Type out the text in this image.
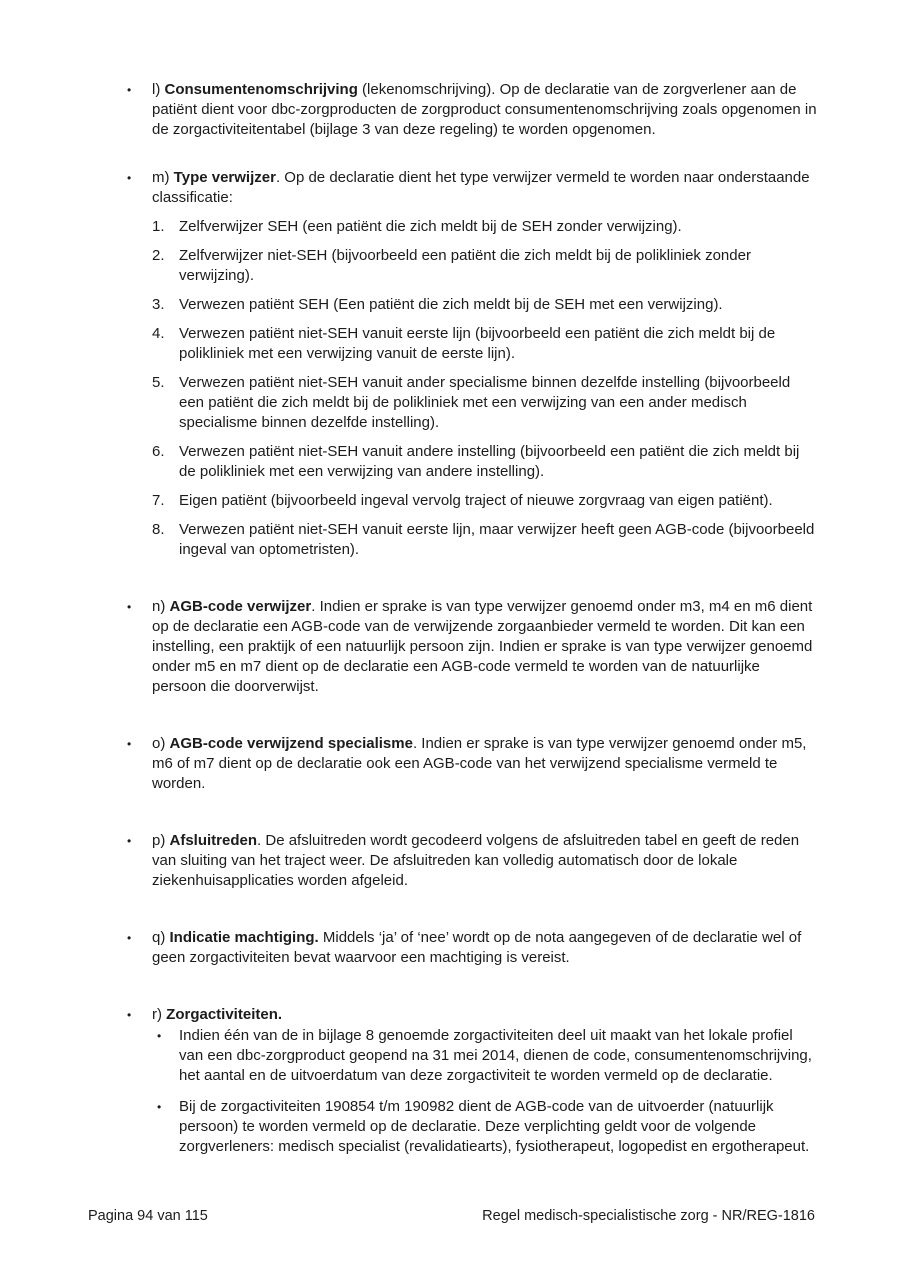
•	l) Consumentenomschrijving (lekenomschrijving). Op de declaratie van de zorgverlener aan de patiënt dient voor dbc-zorgproducten de zorgproduct consumentenomschrijving zoals opgenomen in de zorgactiviteitentabel (bijlage 3 van deze regeling) te worden opgenomen.

•	m) Type verwijzer. Op de declaratie dient het type verwijzer vermeld te worden naar onderstaande classificatie:

1. Zelfverwijzer SEH (een patiënt die zich meldt bij de SEH zonder verwijzing).
2. Zelfverwijzer niet-SEH (bijvoorbeeld een patiënt die zich meldt bij de polikliniek zonder verwijzing).
3. Verwezen patiënt SEH (Een patiënt die zich meldt bij de SEH met een verwijzing).
4. Verwezen patiënt niet-SEH vanuit eerste lijn (bijvoorbeeld een patiënt die zich meldt bij de polikliniek met een verwijzing vanuit de eerste lijn).
5. Verwezen patiënt niet-SEH vanuit ander specialisme binnen dezelfde instelling (bijvoorbeeld een patiënt die zich meldt bij de polikliniek met een verwijzing van een ander medisch specialisme binnen dezelfde instelling).
6. Verwezen patiënt niet-SEH vanuit andere instelling (bijvoorbeeld een patiënt die zich meldt bij de polikliniek met een verwijzing van andere instelling).
7. Eigen patiënt (bijvoorbeeld ingeval vervolg traject of nieuwe zorgvraag van eigen patiënt).
8. Verwezen patiënt niet-SEH vanuit eerste lijn, maar verwijzer heeft geen AGB-code (bijvoorbeeld ingeval van optometristen).
•	n) AGB-code verwijzer. Indien er sprake is van type verwijzer genoemd onder m3, m4 en m6 dient op de declaratie een AGB-code van de verwijzende zorgaanbieder vermeld te worden. Dit kan een instelling, een praktijk of een natuurlijk persoon zijn. Indien er sprake is van type verwijzer genoemd onder m5 en m7 dient op de declaratie een AGB-code vermeld te worden van de natuurlijke persoon die doorverwijst.

•	o) AGB-code verwijzend specialisme. Indien er sprake is van type verwijzer genoemd onder m5, m6 of m7 dient op de declaratie ook een AGB-code van het verwijzend specialisme vermeld te worden.

•	p) Afsluitreden. De afsluitreden wordt gecodeerd volgens de afsluitreden tabel en geeft de reden van sluiting van het traject weer. De afsluitreden kan volledig automatisch door de lokale ziekenhuisapplicaties worden afgeleid.

•	q) Indicatie machtiging. Middels ‘ja’ of ‘nee’ wordt op de nota aangegeven of de declaratie wel of geen zorgactiviteiten bevat waarvoor een machtiging is vereist.

•	r) Zorgactiviteiten.

•	Indien één van de in bijlage 8 genoemde zorgactiviteiten deel uit maakt van het lokale profiel van een dbc-zorgproduct geopend na 31 mei 2014, dienen de code, consumentenomschrijving, het aantal en de uitvoerdatum van deze zorgactiviteit te worden vermeld op de declaratie.
•	Bij de zorgactiviteiten 190854 t/m 190982 dient de AGB-code van de uitvoerder (natuurlijk persoon) te worden vermeld op de declaratie. Deze verplichting geldt voor de volgende zorgverleners: medisch specialist (revalidatiearts), fysiotherapeut, logopedist en ergotherapeut.
Pagina 94 van 115	Regel medisch-specialistische zorg - NR/REG-1816
